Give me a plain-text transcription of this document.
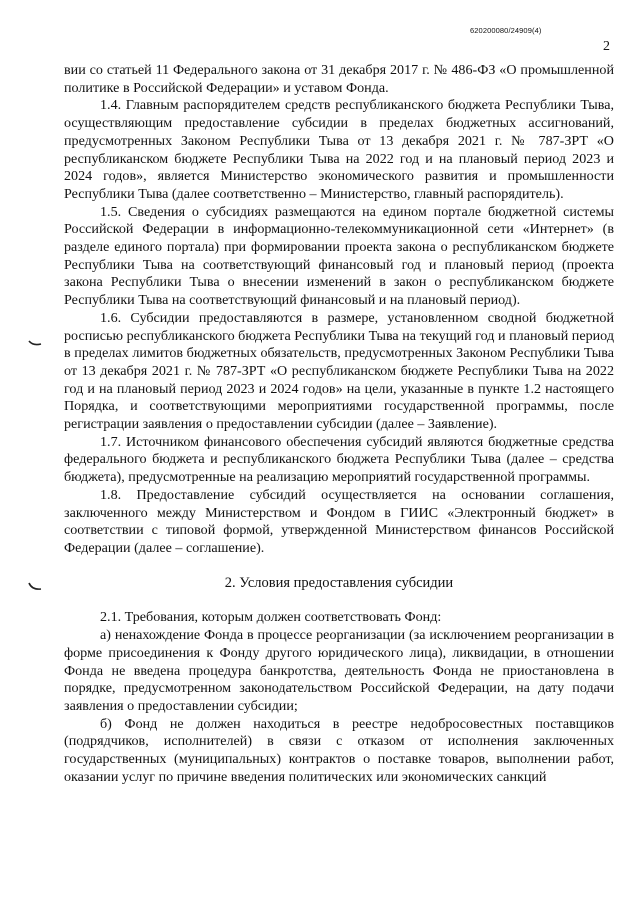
620200080/24909(4)
2

вии со статьей 11 Федерального закона от 31 декабря 2017 г. № 486-ФЗ «О промышленной политике в Российской Федерации» и уставом Фонда.

1.4. Главным распорядителем средств республиканского бюджета Республики Тыва, осуществляющим предоставление субсидии в пределах бюджетных ассигнований, предусмотренных Законом Республики Тыва от 13 декабря 2021 г. № 787-ЗРТ «О республиканском бюджете Республики Тыва на 2022 год и на плановый период 2023 и 2024 годов», является Министерство экономического развития и промышленности Республики Тыва (далее соответственно – Министерство, главный распорядитель).

1.5. Сведения о субсидиях размещаются на едином портале бюджетной системы Российской Федерации в информационно-телекоммуникационной сети «Интернет» (в разделе единого портала) при формировании проекта закона о республиканском бюджете Республики Тыва на соответствующий финансовый год и плановый период (проекта закона Республики Тыва о внесении изменений в закон о республиканском бюджете Республики Тыва на соответствующий финансовый и на плановый период).

1.6. Субсидии предоставляются в размере, установленном сводной бюджетной росписью республиканского бюджета Республики Тыва на текущий год и плановый период в пределах лимитов бюджетных обязательств, предусмотренных Законом Республики Тыва от 13 декабря 2021 г. № 787-ЗРТ «О республиканском бюджете Республики Тыва на 2022 год и на плановый период 2023 и 2024 годов» на цели, указанные в пункте 1.2 настоящего Порядка, и соответствующими мероприятиями государственной программы, после регистрации заявления о предоставлении субсидии (далее – Заявление).

1.7. Источником финансового обеспечения субсидий являются бюджетные средства федерального бюджета и республиканского бюджета Республики Тыва (далее – средства бюджета), предусмотренные на реализацию мероприятий государственной программы.

1.8. Предоставление субсидий осуществляется на основании соглашения, заключенного между Министерством и Фондом в ГИИС «Электронный бюджет» в соответствии с типовой формой, утвержденной Министерством финансов Российской Федерации (далее – соглашение).

2. Условия предоставления субсидии

2.1. Требования, которым должен соответствовать Фонд:

а) ненахождение Фонда в процессе реорганизации (за исключением реорганизации в форме присоединения к Фонду другого юридического лица), ликвидации, в отношении Фонда не введена процедура банкротства, деятельность Фонда не приостановлена в порядке, предусмотренном законодательством Российской Федерации, на дату подачи заявления о предоставлении субсидии;

б) Фонд не должен находиться в реестре недобросовестных поставщиков (подрядчиков, исполнителей) в связи с отказом от исполнения заключенных государственных (муниципальных) контрактов о поставке товаров, выполнении работ, оказании услуг по причине введения политических или экономических санкций
